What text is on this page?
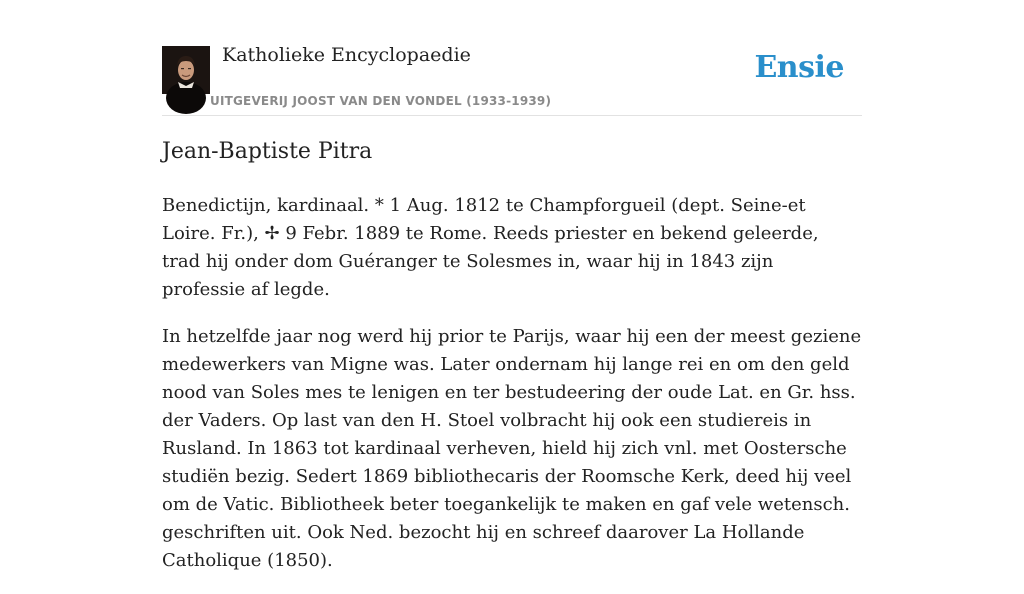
Katholieke Encyclopaedie
UITGEVERIJ JOOST VAN DEN VONDEL (1933-1939)
Ensie
Jean-Baptiste Pitra

Benedictijn, kardinaal. * 1 Aug. 1812 te Champforgueil (dept. Seine-et Loire. Fr.), ✢ 9 Febr. 1889 te Rome. Reeds priester en bekend geleerde, trad hij onder dom Guéranger te Solesmes in, waar hij in 1843 zijn professie af legde.

In hetzelfde jaar nog werd hij prior te Parijs, waar hij een der meest geziene medewerkers van Migne was. Later ondernam hij lange rei en om den geld nood van Soles mes te lenigen en ter bestudeering der oude Lat. en Gr. hss. der Vaders. Op last van den H. Stoel volbracht hij ook een studiereis in Rusland. In 1863 tot kardinaal verheven, hield hij zich vnl. met Oostersche studiën bezig. Sedert 1869 bibliothecaris der Roomsche Kerk, deed hij veel om de Vatic. Bibliotheek beter toegankelijk te maken en gaf vele wetensch. geschriften uit. Ook Ned. bezocht hij en schreef daarover La Hollande Catholique (1850).
